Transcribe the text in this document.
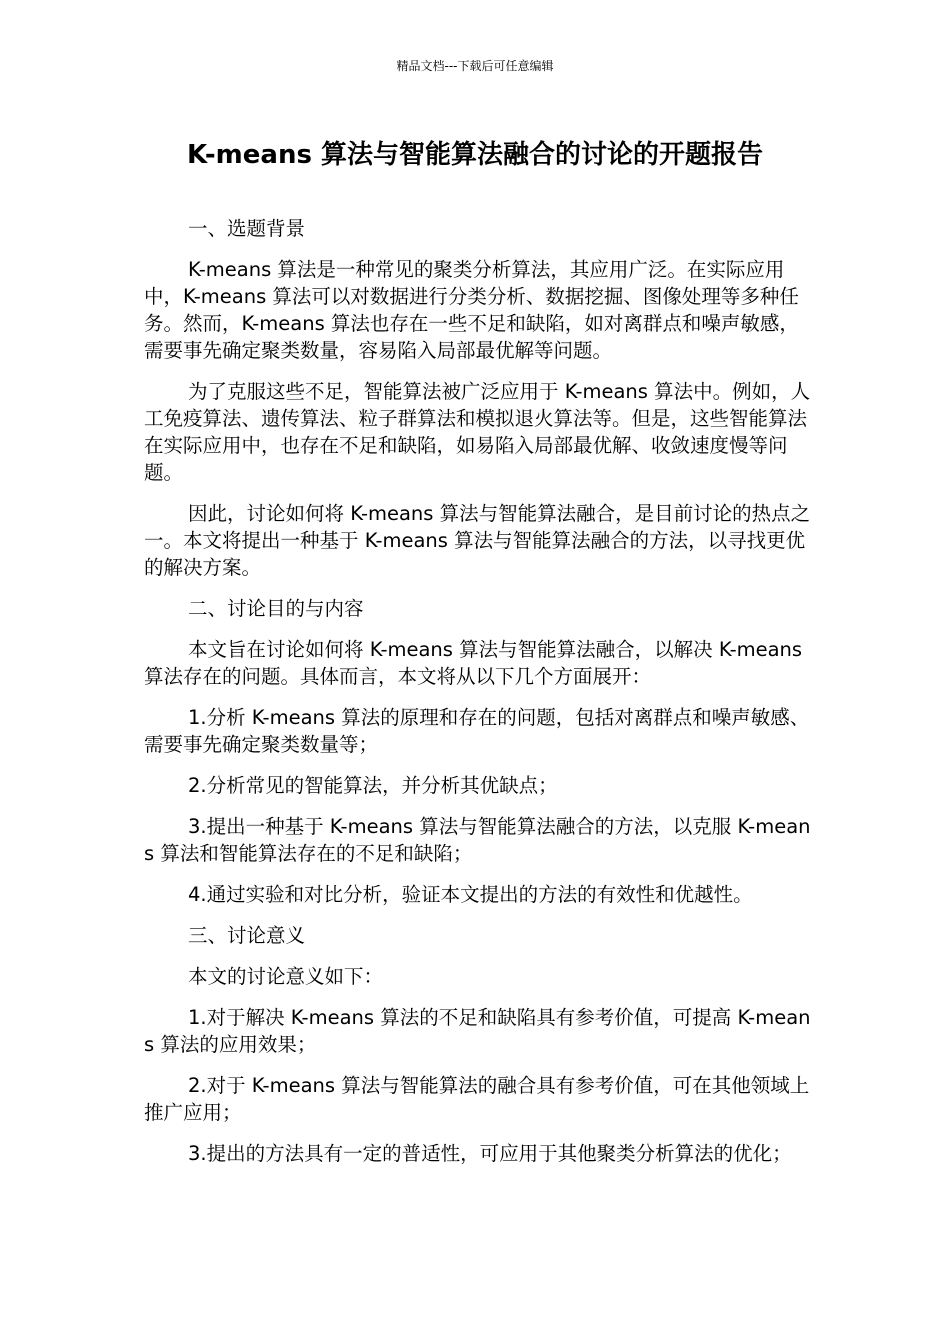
精品文档---下载后可任意编辑
K-means 算法与智能算法融合的讨论的开题报告

一、选题背景

K-means 算法是一种常见的聚类分析算法，其应用广泛。在实际应用中，K-means 算法可以对数据进行分类分析、数据挖掘、图像处理等多种任务。然而，K-means 算法也存在一些不足和缺陷，如对离群点和噪声敏感，需要事先确定聚类数量，容易陷入局部最优解等问题。

为了克服这些不足，智能算法被广泛应用于 K-means 算法中。例如，人工免疫算法、遗传算法、粒子群算法和模拟退火算法等。但是，这些智能算法在实际应用中，也存在不足和缺陷，如易陷入局部最优解、收敛速度慢等问题。

因此，讨论如何将 K-means 算法与智能算法融合，是目前讨论的热点之一。本文将提出一种基于 K-means 算法与智能算法融合的方法，以寻找更优的解决方案。

二、讨论目的与内容

本文旨在讨论如何将 K-means 算法与智能算法融合，以解决 K-means 算法存在的问题。具体而言，本文将从以下几个方面展开：

1.分析 K-means 算法的原理和存在的问题，包括对离群点和噪声敏感、需要事先确定聚类数量等；

2.分析常见的智能算法，并分析其优缺点；

3.提出一种基于 K-means 算法与智能算法融合的方法，以克服 K-means 算法和智能算法存在的不足和缺陷；

4.通过实验和对比分析，验证本文提出的方法的有效性和优越性。

三、讨论意义

本文的讨论意义如下：

1.对于解决 K-means 算法的不足和缺陷具有参考价值，可提高 K-means 算法的应用效果；

2.对于 K-means 算法与智能算法的融合具有参考价值，可在其他领域上推广应用；

3.提出的方法具有一定的普适性，可应用于其他聚类分析算法的优化；
